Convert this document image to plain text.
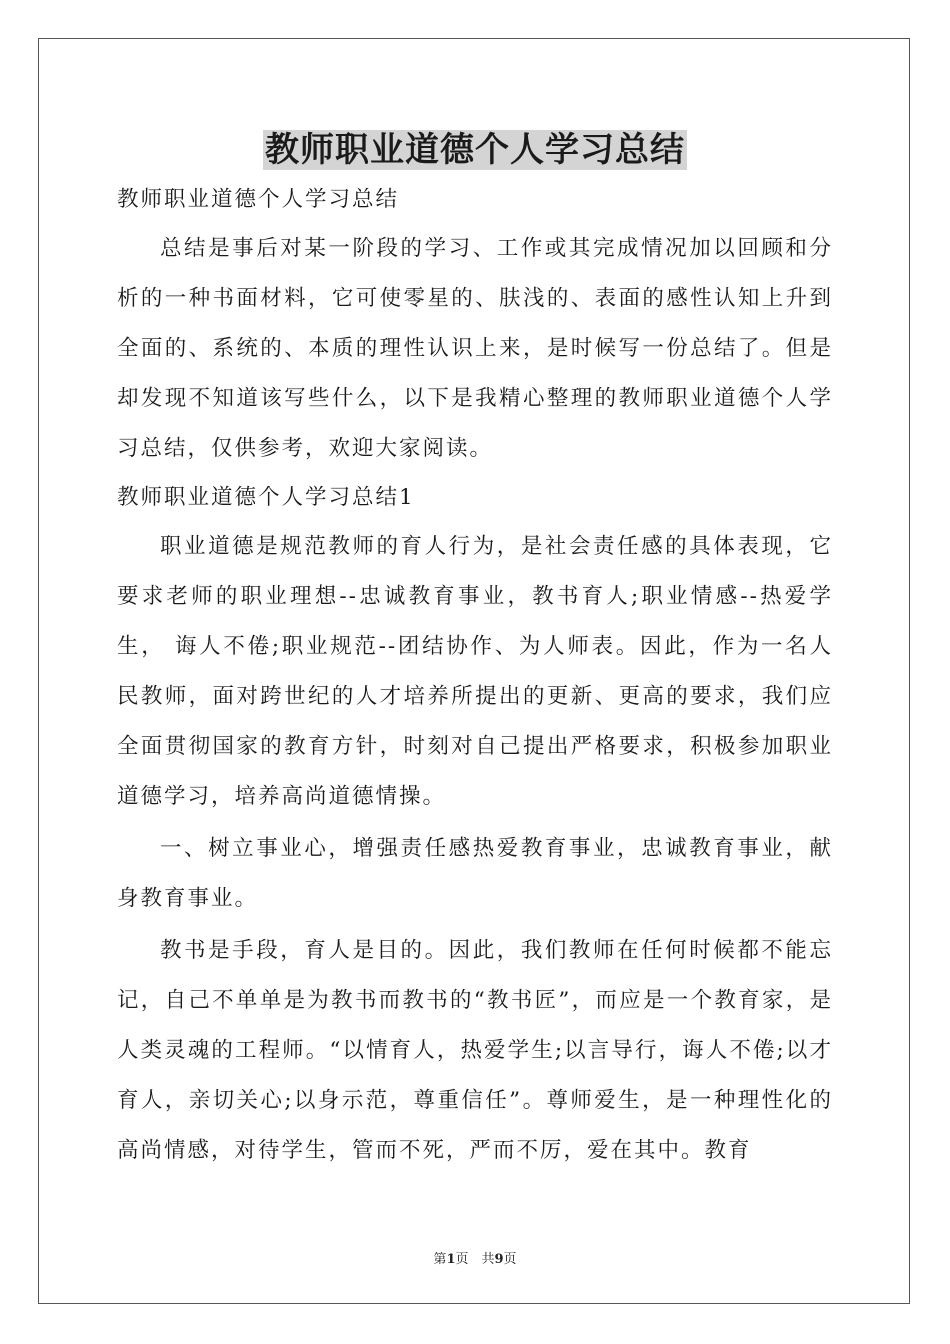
教师职业道德个人学习总结

教师职业道德个人学习总结

总结是事后对某一阶段的学习、工作或其完成情况加以回顾和分析的一种书面材料，它可使零星的、肤浅的、表面的感性认知上升到全面的、系统的、本质的理性认识上来，是时候写一份总结了。但是却发现不知道该写些什么，以下是我精心整理的教师职业道德个人学习总结，仅供参考，欢迎大家阅读。

教师职业道德个人学习总结1

职业道德是规范教师的育人行为，是社会责任感的具体表现，它要求老师的职业理想--忠诚教育事业，教书育人;职业情感--热爱学生， 诲人不倦;职业规范--团结协作、为人师表。因此，作为一名人民教师，面对跨世纪的人才培养所提出的更新、更高的要求，我们应全面贯彻国家的教育方针，时刻对自己提出严格要求，积极参加职业道德学习，培养高尚道德情操。

一、树立事业心，增强责任感热爱教育事业，忠诚教育事业，献身教育事业。

教书是手段，育人是目的。因此，我们教师在任何时候都不能忘记，自己不单单是为教书而教书的“教书匠”，而应是一个教育家，是人类灵魂的工程师。“以情育人，热爱学生;以言导行，诲人不倦;以才育人，亲切关心;以身示范，尊重信任”。尊师爱生，是一种理性化的高尚情感，对待学生，管而不死，严而不厉，爱在其中。教育

第1页　共9页
